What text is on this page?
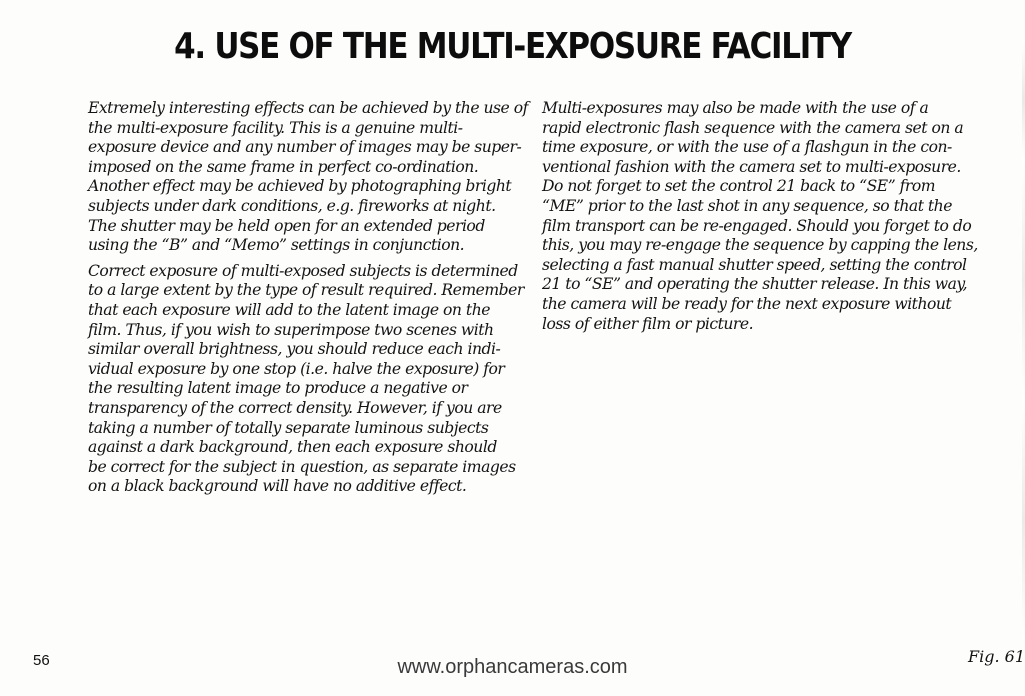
4. USE OF THE MULTI-EXPOSURE FACILITY

Extremely interesting effects can be achieved by the use of
the multi-exposure facility. This is a genuine multi-
exposure device and any number of images may be super-
imposed on the same frame in perfect co-ordination.
Another effect may be achieved by photographing bright
subjects under dark conditions, e.g. fireworks at night.
The shutter may be held open for an extended period
using the “B” and “Memo” settings in conjunction.

Correct exposure of multi-exposed subjects is determined
to a large extent by the type of result required. Remember
that each exposure will add to the latent image on the
film. Thus, if you wish to superimpose two scenes with
similar overall brightness, you should reduce each indi-
vidual exposure by one stop (i.e. halve the exposure) for
the resulting latent image to produce a negative or
transparency of the correct density. However, if you are
taking a number of totally separate luminous subjects
against a dark background, then each exposure should
be correct for the subject in question, as separate images
on a black background will have no additive effect.

Multi-exposures may also be made with the use of a
rapid electronic flash sequence with the camera set on a
time exposure, or with the use of a flashgun in the con-
ventional fashion with the camera set to multi-exposure.
Do not forget to set the control 21 back to “SE” from
“ME” prior to the last shot in any sequence, so that the
film transport can be re-engaged. Should you forget to do
this, you may re-engage the sequence by capping the lens,
selecting a fast manual shutter speed, setting the control
21 to “SE” and operating the shutter release. In this way,
the camera will be ready for the next exposure without
loss of either film or picture.

56	www.orphancameras.com	Fig. 61
